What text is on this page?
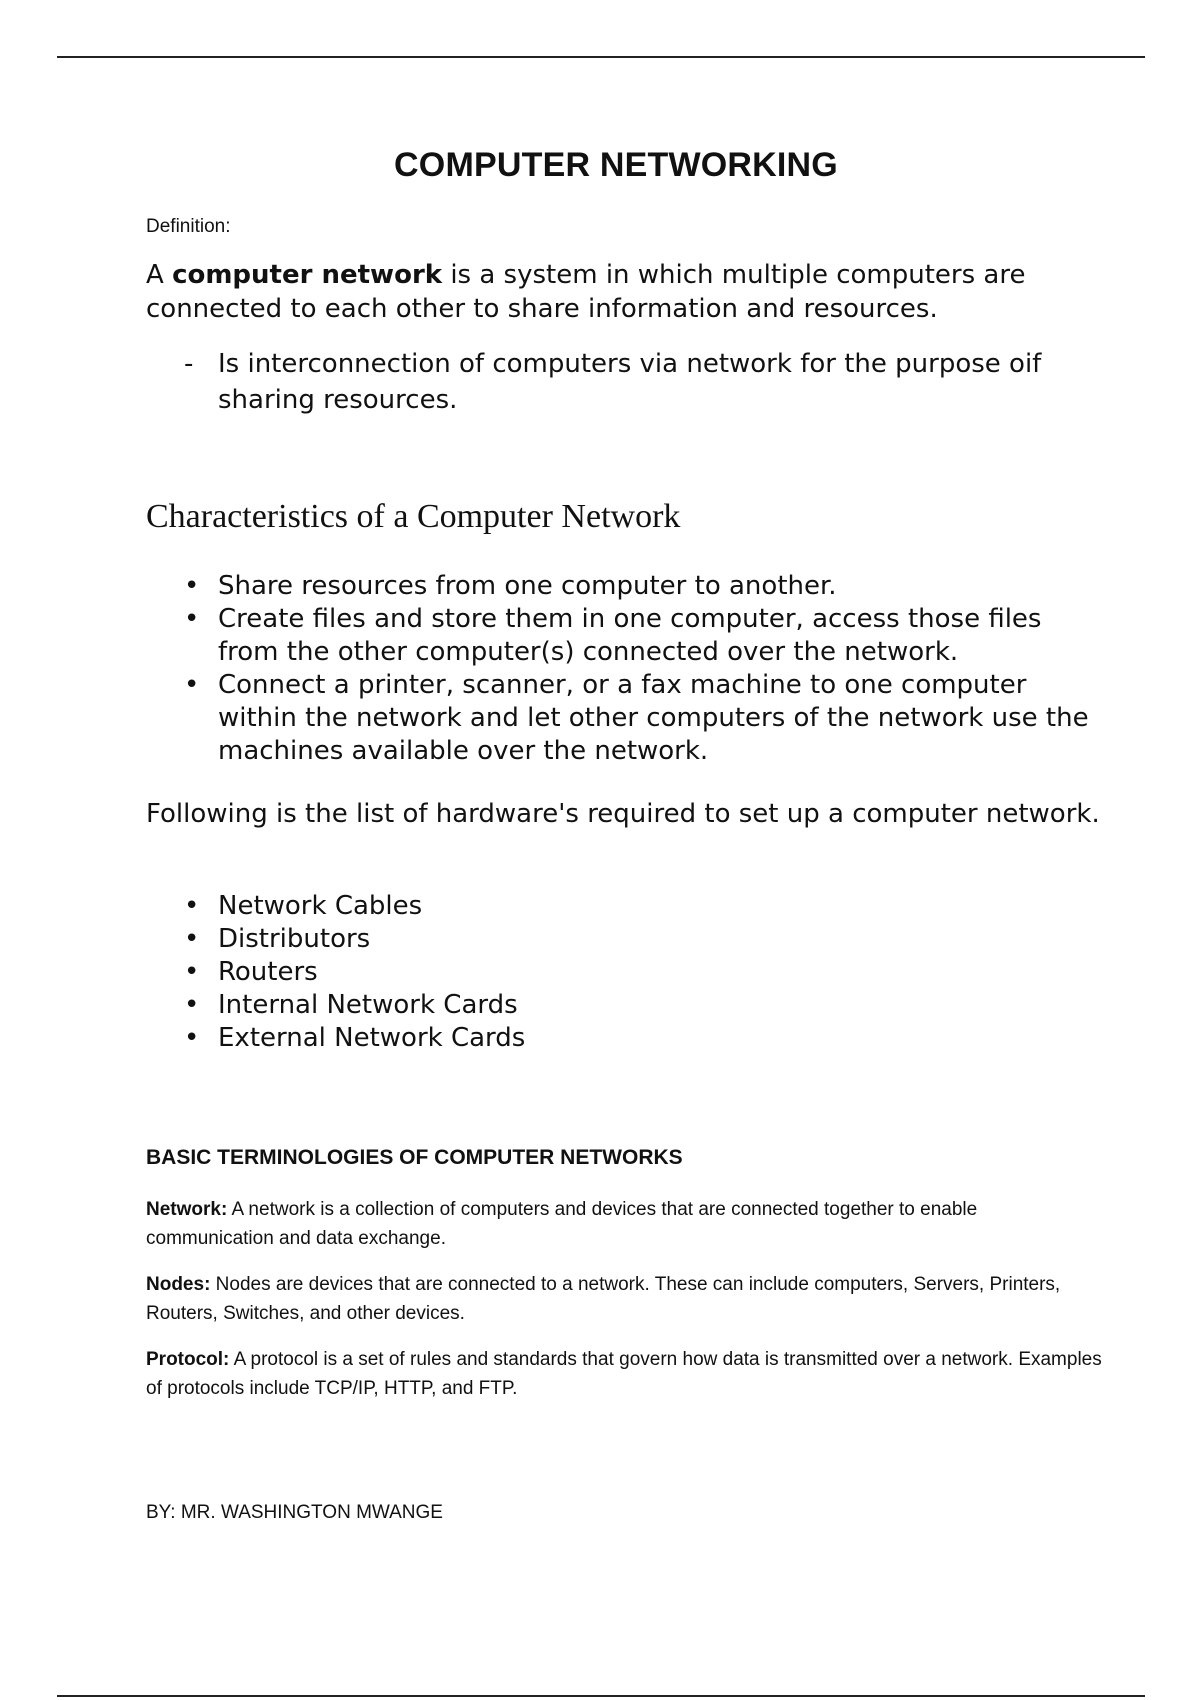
COMPUTER NETWORKING
Definition:
A computer network is a system in which multiple computers are connected to each other to share information and resources.
- Is interconnection of computers via network for the purpose oif sharing resources.
Characteristics of a Computer Network
• Share resources from one computer to another.
• Create files and store them in one computer, access those files from the other computer(s) connected over the network.
• Connect a printer, scanner, or a fax machine to one computer within the network and let other computers of the network use the machines available over the network.
Following is the list of hardware's required to set up a computer network.
• Network Cables
• Distributors
• Routers
• Internal Network Cards
• External Network Cards
BASIC TERMINOLOGIES OF COMPUTER NETWORKS
Network: A network is a collection of computers and devices that are connected together to enable communication and data exchange.
Nodes: Nodes are devices that are connected to a network. These can include computers, Servers, Printers, Routers, Switches, and other devices.
Protocol: A protocol is a set of rules and standards that govern how data is transmitted over a network. Examples of protocols include TCP/IP, HTTP, and FTP.
BY: MR. WASHINGTON MWANGE
